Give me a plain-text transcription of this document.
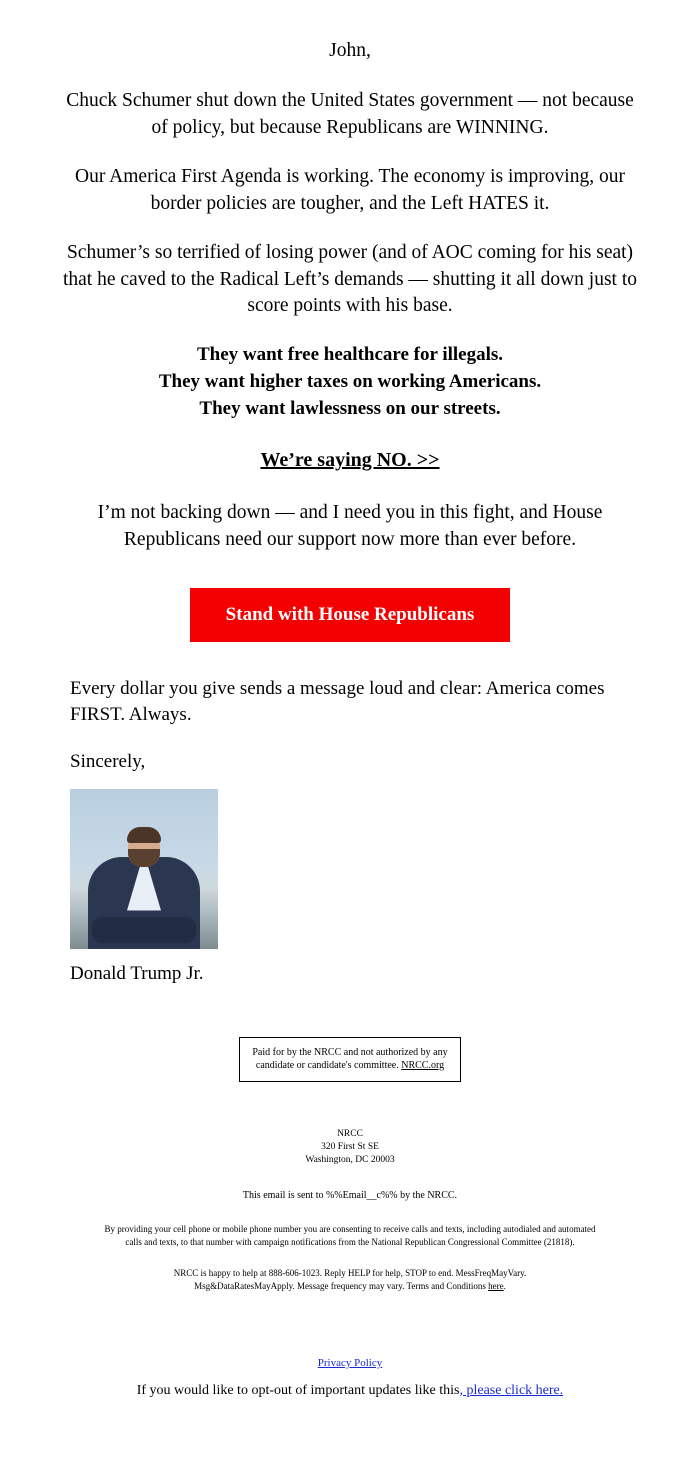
John,

Chuck Schumer shut down the United States government — not because of policy, but because Republicans are WINNING.

Our America First Agenda is working. The economy is improving, our border policies are tougher, and the Left HATES it.

Schumer’s so terrified of losing power (and of AOC coming for his seat) that he caved to the Radical Left’s demands — shutting it all down just to score points with his base.

They want free healthcare for illegals.
They want higher taxes on working Americans.
They want lawlessness on our streets.
We’re saying NO. >>

I’m not backing down — and I need you in this fight, and House Republicans need our support now more than ever before.

Stand with House Republicans

Every dollar you give sends a message loud and clear: America comes FIRST. Always.

Sincerely,

Donald Trump Jr.

Paid for by the NRCC and not authorized by any
candidate or candidate's committee. NRCC.org
NRCC
320 First St SE
Washington, DC 20003
This email is sent to %%Email__c%% by the NRCC.
By providing your cell phone or mobile phone number you are consenting to receive calls and texts, including autodialed and automated calls and texts, to that number with campaign notifications from the National Republican Congressional Committee (21818).
NRCC is happy to help at 888-606-1023. Reply HELP for help, STOP to end. MessFreqMayVary.
Msg&DataRatesMayApply. Message frequency may vary. Terms and Conditions here.
Privacy Policy
If you would like to opt-out of important updates like this, please click here.
